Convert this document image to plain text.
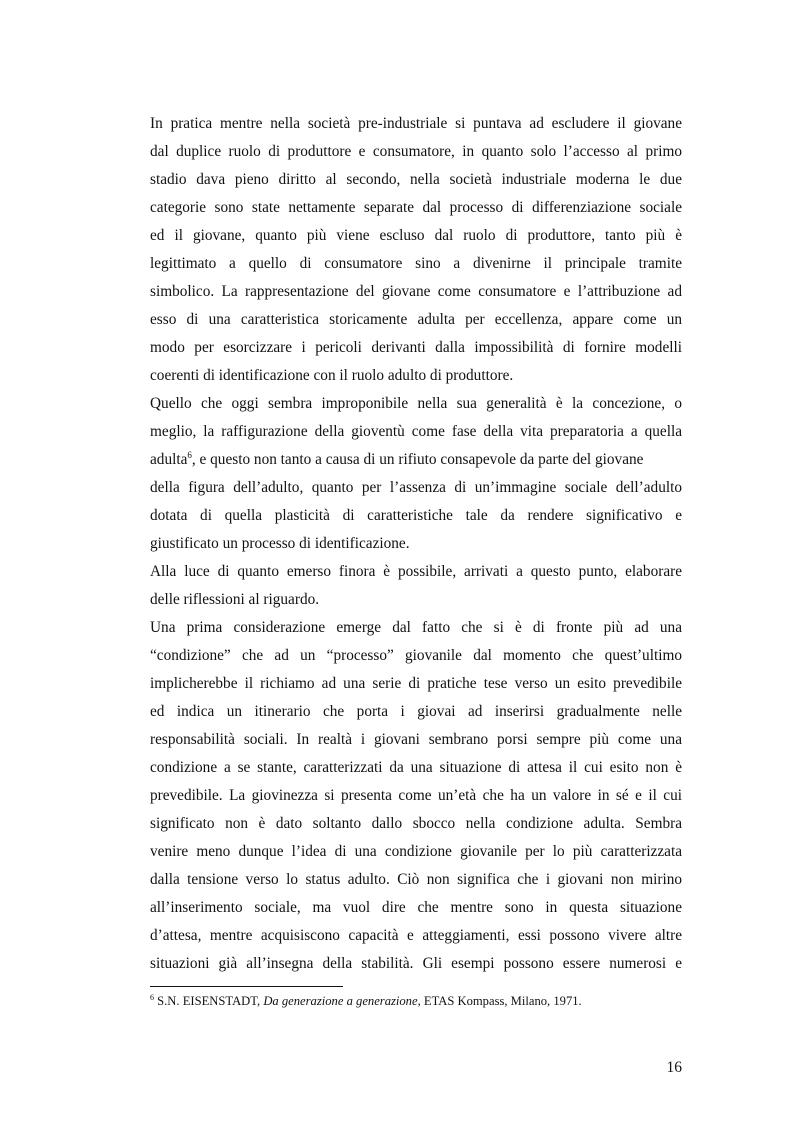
In pratica mentre nella società pre-industriale si puntava ad escludere il giovane
dal duplice ruolo di produttore e consumatore, in quanto solo l’accesso al primo
stadio dava pieno diritto al secondo, nella società industriale moderna le due
categorie sono state nettamente separate dal processo di differenziazione sociale
ed il giovane, quanto più viene escluso dal ruolo di produttore, tanto più è
legittimato a quello di consumatore sino a divenirne il principale tramite
simbolico. La rappresentazione del giovane come consumatore e l’attribuzione ad
esso di una caratteristica storicamente adulta per eccellenza, appare come un
modo per esorcizzare i pericoli derivanti dalla impossibilità di fornire modelli
coerenti di identificazione con il ruolo adulto di produttore.
Quello che oggi sembra improponibile nella sua generalità è la concezione, o
meglio, la raffigurazione della gioventù come fase della vita preparatoria a quella
adulta$^6$, e questo non tanto a causa di un rifiuto consapevole da parte del giovane
della figura dell’adulto, quanto per l’assenza di un’immagine sociale dell’adulto
dotata di quella plasticità di caratteristiche tale da rendere significativo e
giustificato un processo di identificazione.
Alla luce di quanto emerso finora è possibile, arrivati a questo punto, elaborare
delle riflessioni al riguardo.
Una prima considerazione emerge dal fatto che si è di fronte più ad una
“condizione” che ad un “processo” giovanile dal momento che quest’ultimo
implicherebbe il richiamo ad una serie di pratiche tese verso un esito prevedibile
ed indica un itinerario che porta i giovai ad inserirsi gradualmente nelle
responsabilità sociali. In realtà i giovani sembrano porsi sempre più come una
condizione a se stante, caratterizzati da una situazione di attesa il cui esito non è
prevedibile. La giovinezza si presenta come un’età che ha un valore in sé e il cui
significato non è dato soltanto dallo sbocco nella condizione adulta. Sembra
venire meno dunque l’idea di una condizione giovanile per lo più caratterizzata
dalla tensione verso lo status adulto. Ciò non significa che i giovani non mirino
all’inserimento sociale, ma vuol dire che mentre sono in questa situazione
d’attesa, mentre acquisiscono capacità e atteggiamenti, essi possono vivere altre
situazioni già all’insegna della stabilità. Gli esempi possono essere numerosi e
$^6$ S.N. EISENSTADT, Da generazione a generazione, ETAS Kompass, Milano, 1971.
16
